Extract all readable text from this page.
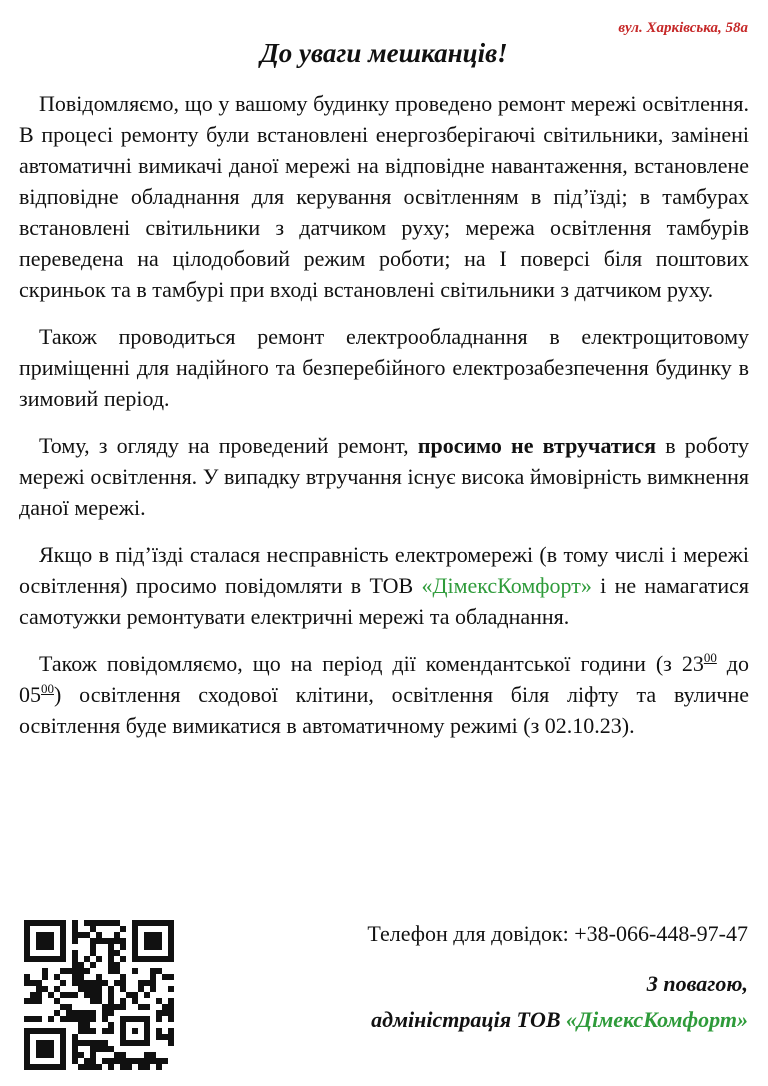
вул. Харківська, 58а
До уваги мешканців!

Повідомляємо, що у вашому будинку проведено ремонт мережі освітлення. В процесі ремонту були встановлені енергозберігаючі світильники, замінені автоматичні вимикачі даної мережі на відповідне навантаження, встановлене відповідне обладнання для керування освітленням в під’їзді; в тамбурах встановлені світильники з датчиком руху; мережа освітлення тамбурів переведена на цілодобовий режим роботи; на І поверсі біля поштових скриньок та в тамбурі при вході встановлені світильники з датчиком руху.

Також проводиться ремонт електрообладнання в електрощитовому приміщенні для надійного та безперебійного електрозабезпечення будинку в зимовий період.

Тому, з огляду на проведений ремонт, просимо не втручатися в роботу мережі освітлення. У випадку втручання існує висока ймовірність вимкнення даної мережі.

Якщо в під’їзді сталася несправність електромережі (в тому числі і мережі освітлення) просимо повідомляти в ТОВ «ДімексКомфорт» і не намагатися самотужки ремонтувати електричні мережі та обладнання.

Також повідомляємо, що на період дії комендантської години (з $23^{00}$ до $05^{00}$) освітлення сходової клітини, освітлення біля ліфту та вуличне освітлення буде вимикатися в автоматичному режимі (з 02.10.23).

Телефон для довідок: +38-066-448-97-47
З повагою,
адміністрація ТОВ «ДімексКомфорт»
